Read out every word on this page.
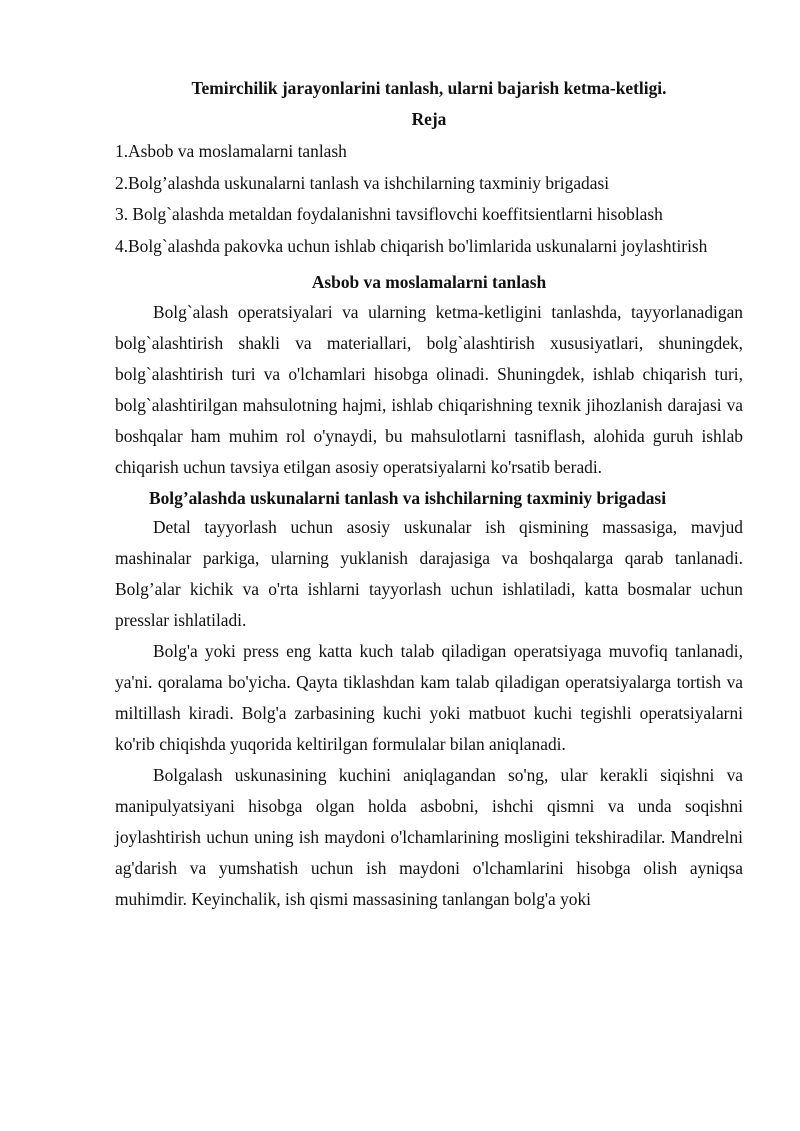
Temirchilik jarayonlarini tanlash, ularni bajarish ketma-ketligi.
Reja
1.Asbob va moslamalarni tanlash
2.Bolg’alashda uskunalarni tanlash va ishchilarning taxminiy brigadasi
3. Bolg`alashda metaldan foydalanishni tavsiflovchi koeffitsientlarni hisoblash
4.Bolg`alashda pakovka uchun ishlab chiqarish bo'limlarida uskunalarni joylashtirish
Asbob va moslamalarni tanlash

Bolg`alash operatsiyalari va ularning ketma-ketligini tanlashda, tayyorlanadigan bolg`alashtirish shakli va materiallari, bolg`alashtirish xususiyatlari, shuningdek, bolg`alashtirish turi va o'lchamlari hisobga olinadi. Shuningdek, ishlab chiqarish turi, bolg`alashtirilgan mahsulotning hajmi, ishlab chiqarishning texnik jihozlanish darajasi va boshqalar ham muhim rol o'ynaydi, bu mahsulotlarni tasniflash, alohida guruh ishlab chiqarish uchun tavsiya etilgan asosiy operatsiyalarni ko'rsatib beradi.

Bolg’alashda uskunalarni tanlash va ishchilarning taxminiy brigadasi

Detal tayyorlash uchun asosiy uskunalar ish qismining massasiga, mavjud mashinalar parkiga, ularning yuklanish darajasiga va boshqalarga qarab tanlanadi. Bolg’alar kichik va o'rta ishlarni tayyorlash uchun ishlatiladi, katta bosmalar uchun presslar ishlatiladi.

Bolg'a yoki press eng katta kuch talab qiladigan operatsiyaga muvofiq tanlanadi, ya'ni. qoralama bo'yicha. Qayta tiklashdan kam talab qiladigan operatsiyalarga tortish va miltillash kiradi. Bolg'a zarbasining kuchi yoki matbuot kuchi tegishli operatsiyalarni ko'rib chiqishda yuqorida keltirilgan formulalar bilan aniqlanadi.

Bolgalash uskunasining kuchini aniqlagandan so'ng, ular kerakli siqishni va manipulyatsiyani hisobga olgan holda asbobni, ishchi qismni va unda soqishni joylashtirish uchun uning ish maydoni o'lchamlarining mosligini tekshiradilar. Mandrelni ag'darish va yumshatish uchun ish maydoni o'lchamlarini hisobga olish ayniqsa muhimdir. Keyinchalik, ish qismi massasining tanlangan bolg'a yoki
